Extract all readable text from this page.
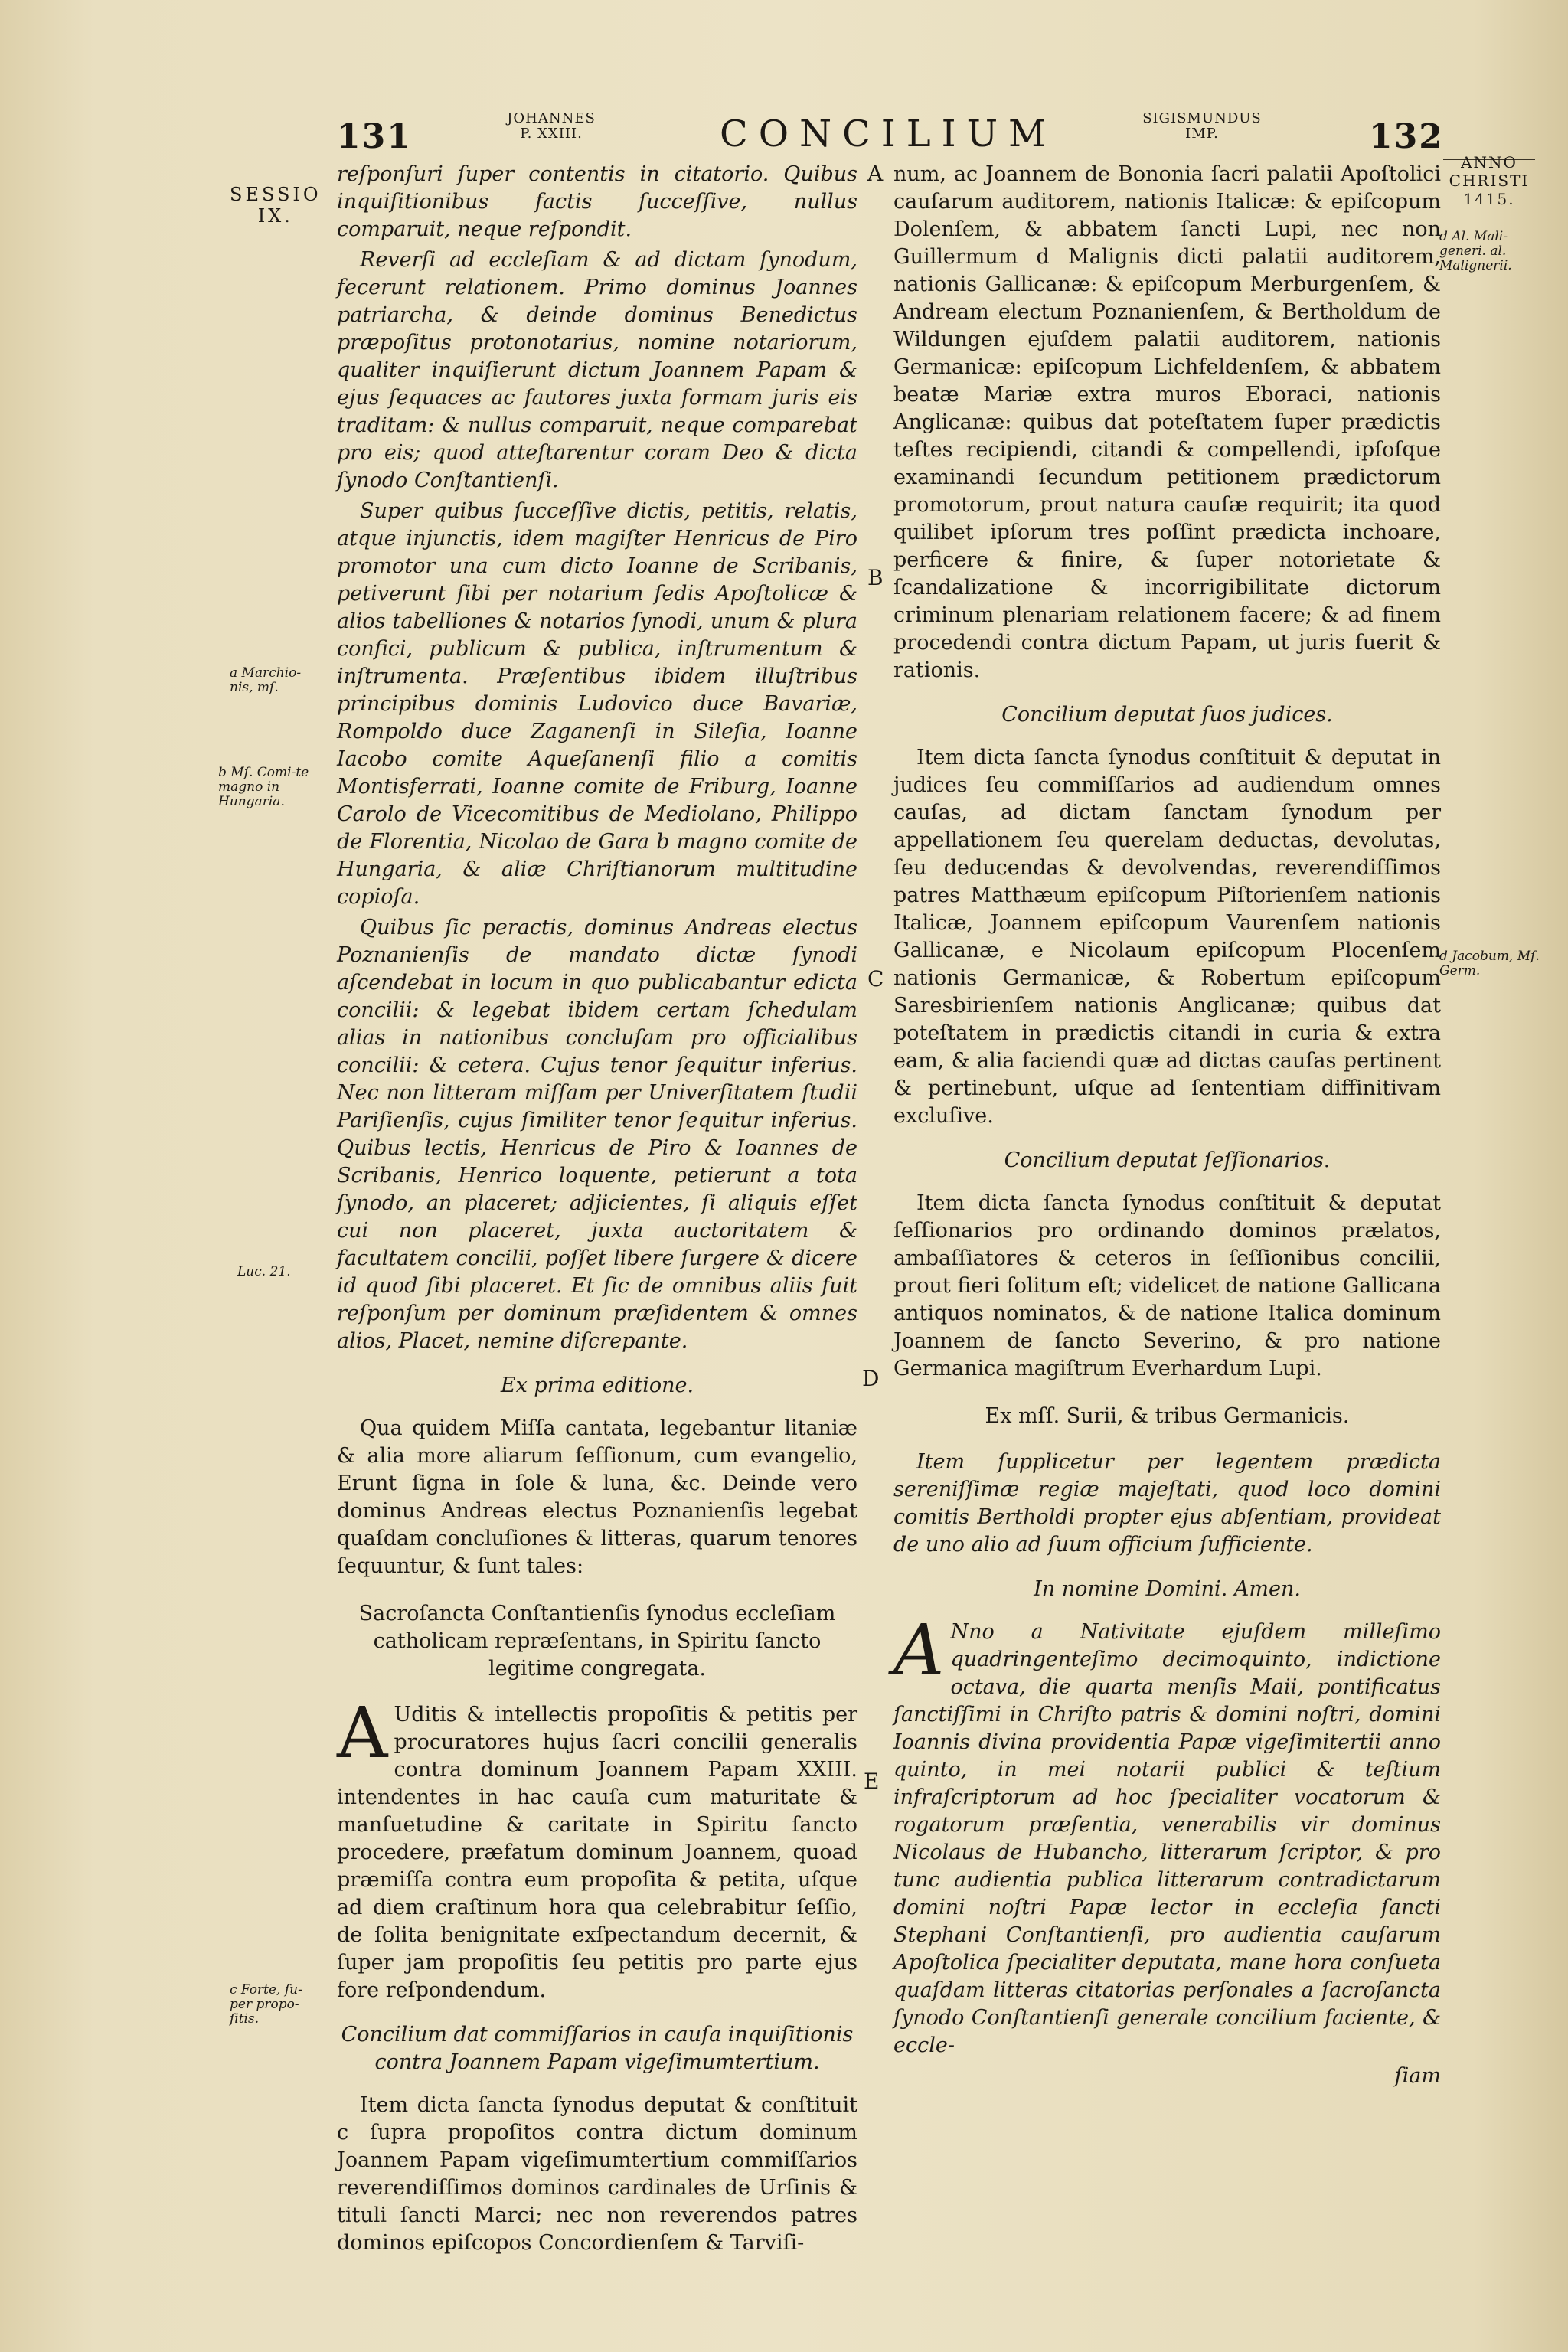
131	JOHANNES
P. XXIII.	CONCILIUM	SIGISMUNDUS
IMP.	132
SESSIO
IX.
a Marchio-nis, mſ.
b Mſ. Comi-te magno in Hungaria.
Luc. 21.
c Forte, ſu-per propo-ſitis.
A
B
C
D
E
ANNO
CHRISTI
1415.
d Al. Mali-generi. al. Malignerii.
d Jacobum, Mſ. Germ.

reſponſuri ſuper contentis in citatorio. Quibus inquiſitionibus factis ſucceſſive, nullus comparuit, neque reſpondit.

Reverſi ad eccleſiam & ad dictam ſynodum, fecerunt relationem. Primo dominus Joannes patriarcha, & deinde dominus Benedictus præpoſitus protonotarius, nomine notariorum, qualiter inquiſierunt dictum Joannem Papam & ejus ſequaces ac fautores juxta formam juris eis traditam: & nullus comparuit, neque comparebat pro eis; quod atteſtarentur coram Deo & dicta ſynodo Conſtantienſi.

Super quibus ſucceſſive dictis, petitis, relatis, atque injunctis, idem magiſter Henricus de Piro promotor una cum dicto Ioanne de Scribanis, petiverunt ſibi per notarium ſedis Apoſtolicæ & alios tabelliones & notarios ſynodi, unum & plura confici, publicum & publica, inſtrumentum & inſtrumenta. Præſentibus ibidem illuſtribus principibus dominis Ludovico duce Bavariæ, Rompoldo duce Zaganenſi in Sileſia, Ioanne Iacobo comite Aqueſanenſi filio a comitis Montisferrati, Ioanne comite de Friburg, Ioanne Carolo de Vicecomitibus de Mediolano, Philippo de Florentia, Nicolao de Gara b magno comite de Hungaria, & aliæ Chriſtianorum multitudine copioſa.

Quibus ſic peractis, dominus Andreas electus Poznanienſis de mandato dictæ ſynodi aſcendebat in locum in quo publicabantur edicta concilii: & legebat ibidem certam ſchedulam alias in nationibus concluſam pro officialibus concilii: & cetera. Cujus tenor ſequitur inferius. Nec non litteram miſſam per Univerſitatem ſtudii Pariſienſis, cujus ſimiliter tenor ſequitur inferius. Quibus lectis, Henricus de Piro & Ioannes de Scribanis, Henrico loquente, petierunt a tota ſynodo, an placeret; adjicientes, ſi aliquis eſſet cui non placeret, juxta auctoritatem & facultatem concilii, poſſet libere ſurgere & dicere id quod ſibi placeret. Et ſic de omnibus aliis fuit reſponſum per dominum præſidentem & omnes alios, Placet, nemine diſcrepante.

Ex prima editione.

Qua quidem Miſſa cantata, legebantur litaniæ & alia more aliarum ſeſſionum, cum evangelio, Erunt ſigna in ſole & luna, &c. Deinde vero dominus Andreas electus Poznanienſis legebat quaſdam concluſiones & litteras, quarum tenores ſequuntur, & ſunt tales:

Sacroſancta Conſtantienſis ſynodus eccleſiam catholicam repræſentans, in Spiritu ſancto legitime congregata.

A Uditis & intellectis propoſitis & petitis per procuratores hujus ſacri concilii generalis contra dominum Joannem Papam XXIII. intendentes in hac cauſa cum maturitate & manſuetudine & caritate in Spiritu ſancto procedere, præfatum dominum Joannem, quoad præmiſſa contra eum propoſita & petita, uſque ad diem craſtinum hora qua celebrabitur ſeſſio, de ſolita benignitate exſpectandum decernit, & ſuper jam propoſitis ſeu petitis pro parte ejus fore reſpondendum.

Concilium dat commiſſarios in cauſa inquiſitionis contra Joannem Papam vigeſimumtertium.

Item dicta ſancta ſynodus deputat & conſtituit c ſupra propoſitos contra dictum dominum Joannem Papam vigeſimumtertium commiſſarios reverendiſſimos dominos cardinales de Urſinis & tituli ſancti Marci; nec non reverendos patres dominos epiſcopos Concordienſem & Tarviſi-

num, ac Joannem de Bononia ſacri palatii Apoſtolici cauſarum auditorem, nationis Italicæ: & epiſcopum Dolenſem, & abbatem ſancti Lupi, nec non Guillermum d Malignis dicti palatii auditorem, nationis Gallicanæ: & epiſcopum Merburgenſem, & Andream electum Poznanienſem, & Bertholdum de Wildungen ejuſdem palatii auditorem, nationis Germanicæ: epiſcopum Lichfeldenſem, & abbatem beatæ Mariæ extra muros Eboraci, nationis Anglicanæ: quibus dat poteſtatem ſuper prædictis teſtes recipiendi, citandi & compellendi, ipſoſque examinandi ſecundum petitionem prædictorum promotorum, prout natura cauſæ requirit; ita quod quilibet ipſorum tres poſſint prædicta inchoare, perficere & finire, & ſuper notorietate & ſcandalizatione & incorrigibilitate dictorum criminum plenariam relationem facere; & ad finem procedendi contra dictum Papam, ut juris fuerit & rationis.

Concilium deputat ſuos judices.

Item dicta ſancta ſynodus conſtituit & deputat in judices ſeu commiſſarios ad audiendum omnes cauſas, ad dictam ſanctam ſynodum per appellationem ſeu querelam deductas, devolutas, ſeu deducendas & devolvendas, reverendiſſimos patres Matthæum epiſcopum Piſtorienſem nationis Italicæ, Joannem epiſcopum Vaurenſem nationis Gallicanæ, e Nicolaum epiſcopum Plocenſem nationis Germanicæ, & Robertum epiſcopum Saresbirienſem nationis Anglicanæ; quibus dat poteſtatem in prædictis citandi in curia & extra eam, & alia faciendi quæ ad dictas cauſas pertinent & pertinebunt, uſque ad ſententiam diffinitivam excluſive.

Concilium deputat ſeſſionarios.

Item dicta ſancta ſynodus conſtituit & deputat ſeſſionarios pro ordinando dominos prælatos, ambaſſiatores & ceteros in ſeſſionibus concilii, prout fieri ſolitum eſt; videlicet de natione Gallicana antiquos nominatos, & de natione Italica dominum Joannem de ſancto Severino, & pro natione Germanica magiſtrum Everhardum Lupi.

Ex mſſ. Surii, & tribus Germanicis.

Item ſupplicetur per legentem prædicta sereniſſimæ regiæ majeſtati, quod loco domini comitis Bertholdi propter ejus abſentiam, provideat de uno alio ad ſuum officium ſufficiente.

In nomine Domini. Amen.

A Nno a Nativitate ejuſdem milleſimo quadringenteſimo decimoquinto, indictione octava, die quarta menſis Maii, pontificatus ſanctiſſimi in Chriſto patris & domini noſtri, domini Ioannis divina providentia Papæ vigeſimitertii anno quinto, in mei notarii publici & teſtium infraſcriptorum ad hoc ſpecialiter vocatorum & rogatorum præſentia, venerabilis vir dominus Nicolaus de Hubancho, litterarum ſcriptor, & pro tunc audientia publica litterarum contradictarum domini noſtri Papæ lector in eccleſia ſancti Stephani Conſtantienſi, pro audientia cauſarum Apoſtolica ſpecialiter deputata, mane hora conſueta quaſdam litteras citatorias perſonales a ſacroſancta ſynodo Conſtantienſi generale concilium faciente, & eccle-

ſiam
